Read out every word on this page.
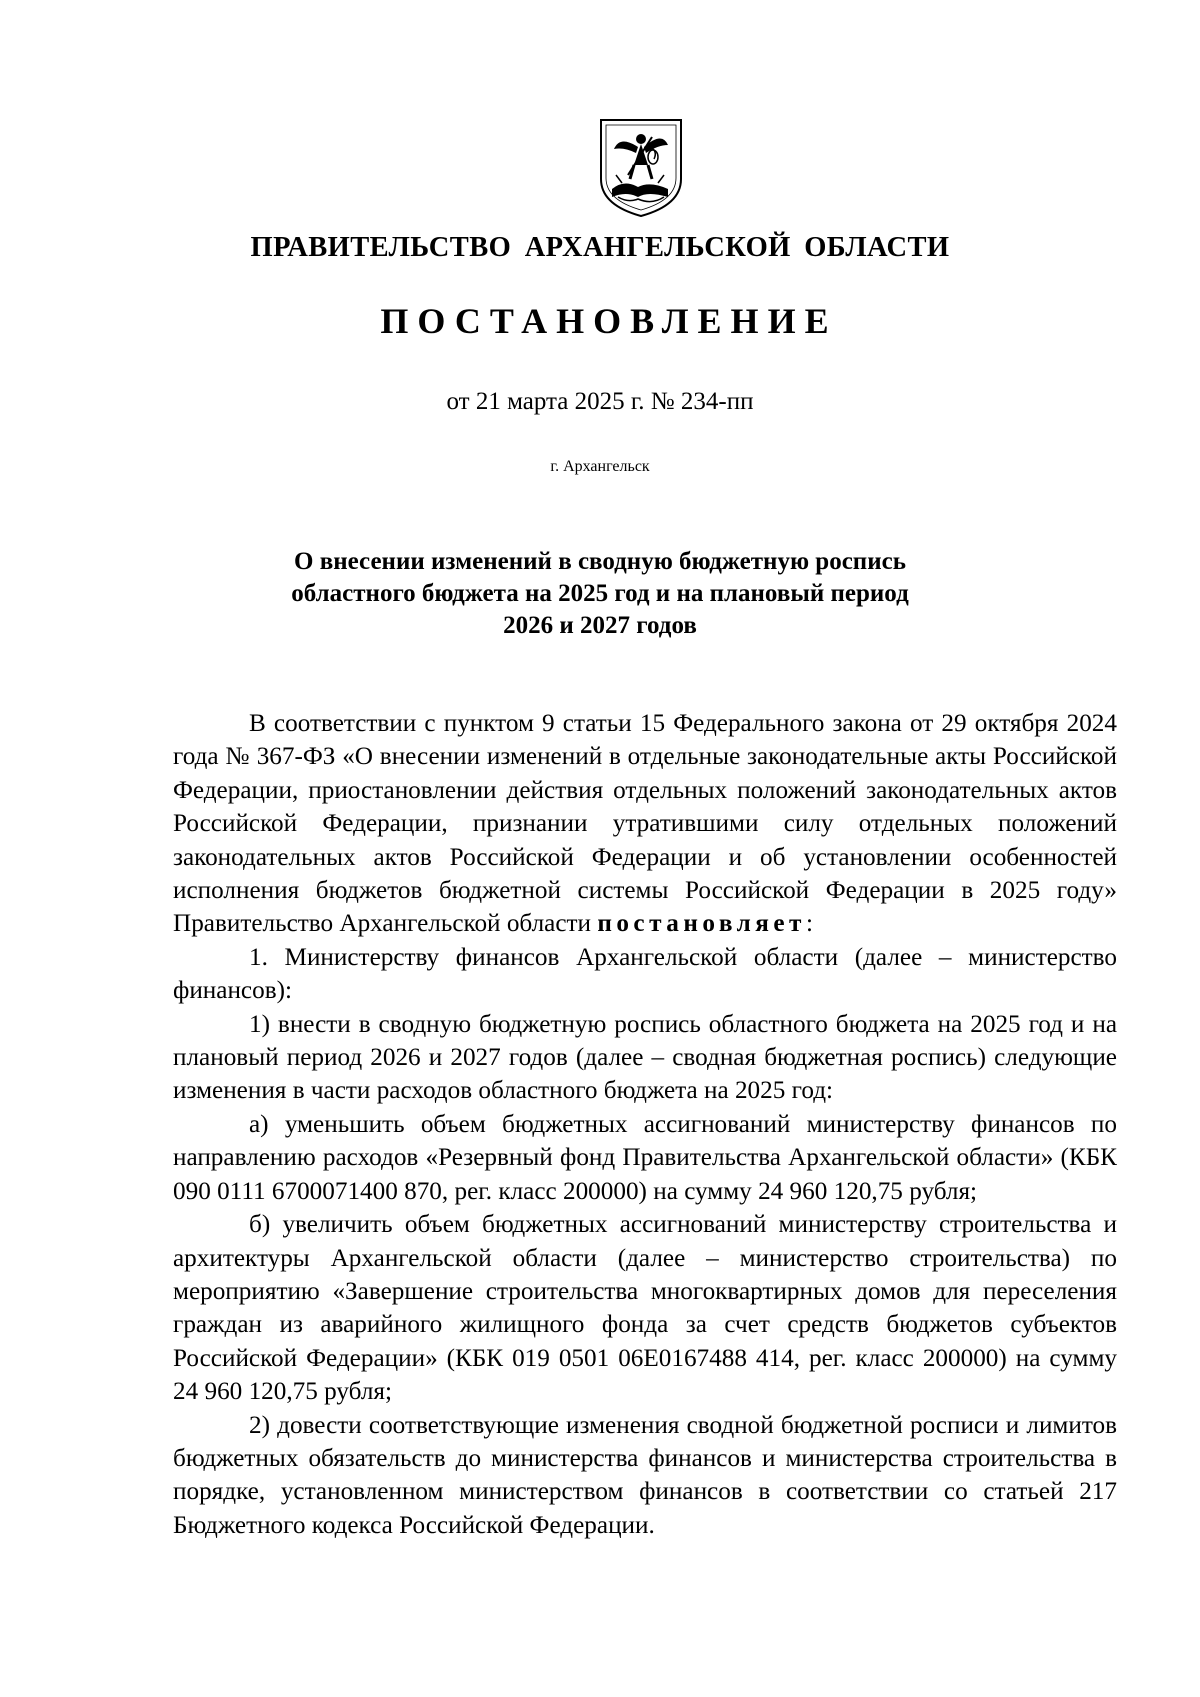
ПРАВИТЕЛЬСТВО АРХАНГЕЛЬСКОЙ ОБЛАСТИ
ПОСТАНОВЛЕНИЕ
от 21 марта 2025 г. № 234-пп
г. Архангельск
О внесении изменений в сводную бюджетную роспись
областного бюджета на 2025 год и на плановый период
2026 и 2027 годов

В соответствии с пунктом 9 статьи 15 Федерального закона от 29 октября 2024 года № 367-ФЗ «О внесении изменений в отдельные законодательные акты Российской Федерации, приостановлении действия отдельных положений законодательных актов Российской Федерации, признании утратившими силу отдельных положений законодательных актов Российской Федерации и об установлении особенностей исполнения бюджетов бюджетной системы Российской Федерации в 2025 году» Правительство Архангельской области постановляет:

1. Министерству финансов Архангельской области (далее – министерство финансов):

1) внести в сводную бюджетную роспись областного бюджета на 2025 год и на плановый период 2026 и 2027 годов (далее – сводная бюджетная роспись) следующие изменения в части расходов областного бюджета на 2025 год:

а) уменьшить объем бюджетных ассигнований министерству финансов по направлению расходов «Резервный фонд Правительства Архангельской области» (КБК 090 0111 6700071400 870, рег. класс 200000) на сумму 24 960 120,75 рубля;

б) увеличить объем бюджетных ассигнований министерству строительства и архитектуры Архангельской области (далее – министерство строительства) по мероприятию «Завершение строительства многоквартирных домов для переселения граждан из аварийного жилищного фонда за счет средств бюджетов субъектов Российской Федерации» (КБК 019 0501 06Е0167488 414, рег. класс 200000) на сумму 24 960 120,75 рубля;

2) довести соответствующие изменения сводной бюджетной росписи и лимитов бюджетных обязательств до министерства финансов и министерства строительства в порядке, установленном министерством финансов в соответствии со статьей 217 Бюджетного кодекса Российской Федерации.
